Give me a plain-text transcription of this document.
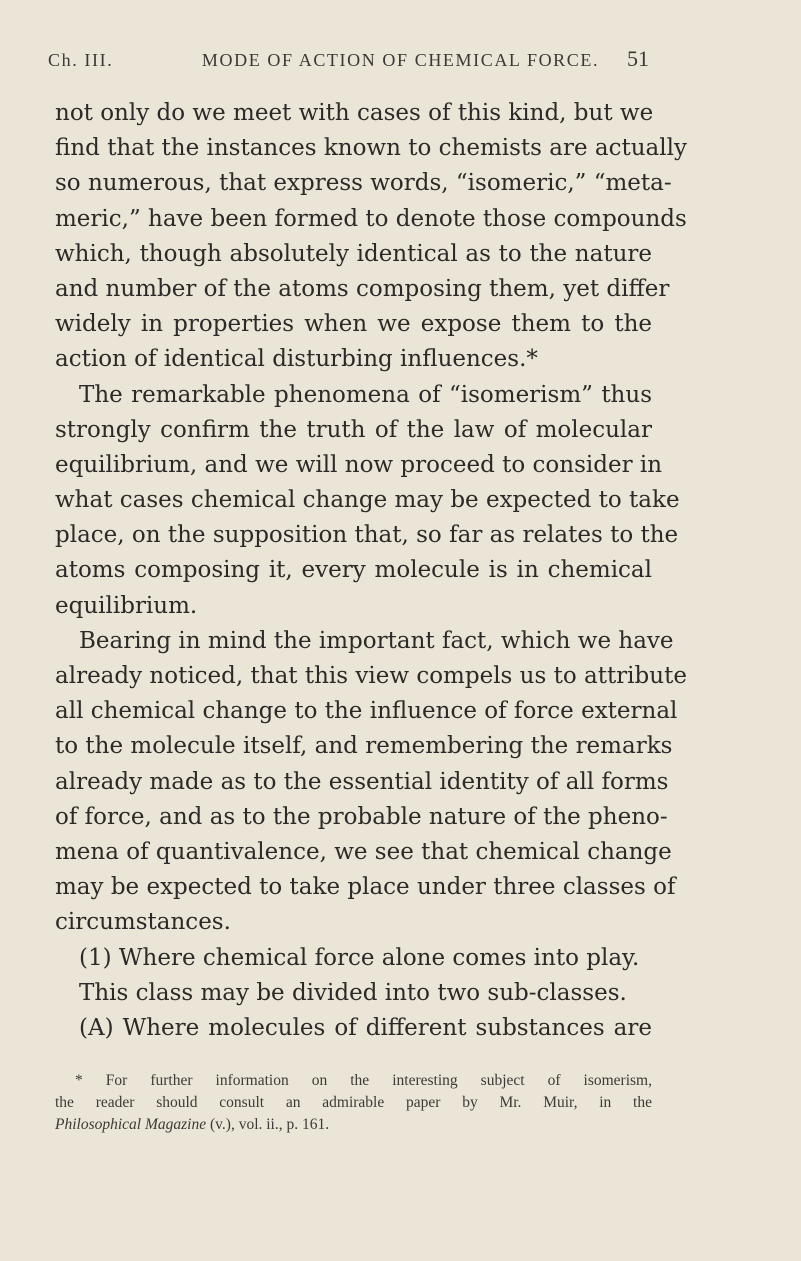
Ch. III.	MODE OF ACTION OF CHEMICAL FORCE.	51
not only do we meet with cases of this kind, but we
find that the instances known to chemists are actually
so numerous, that express words, “isomeric,” “meta-
meric,” have been formed to denote those compounds
which, though absolutely identical as to the nature
and number of the atoms composing them, yet differ
widely in properties when we expose them to the
action of identical disturbing influences.*
The remarkable phenomena of “isomerism” thus
strongly confirm the truth of the law of molecular
equilibrium, and we will now proceed to consider in
what cases chemical change may be expected to take
place, on the supposition that, so far as relates to the
atoms composing it, every molecule is in chemical
equilibrium.
Bearing in mind the important fact, which we have
already noticed, that this view compels us to attribute
all chemical change to the influence of force external
to the molecule itself, and remembering the remarks
already made as to the essential identity of all forms
of force, and as to the probable nature of the pheno-
mena of quantivalence, we see that chemical change
may be expected to take place under three classes of
circumstances.
(1) Where chemical force alone comes into play.
This class may be divided into two sub-classes.
(A) Where molecules of different substances are
* For further information on the interesting subject of isomerism,
the reader should consult an admirable paper by Mr. Muir, in the
Philosophical Magazine (v.), vol. ii., p. 161.
